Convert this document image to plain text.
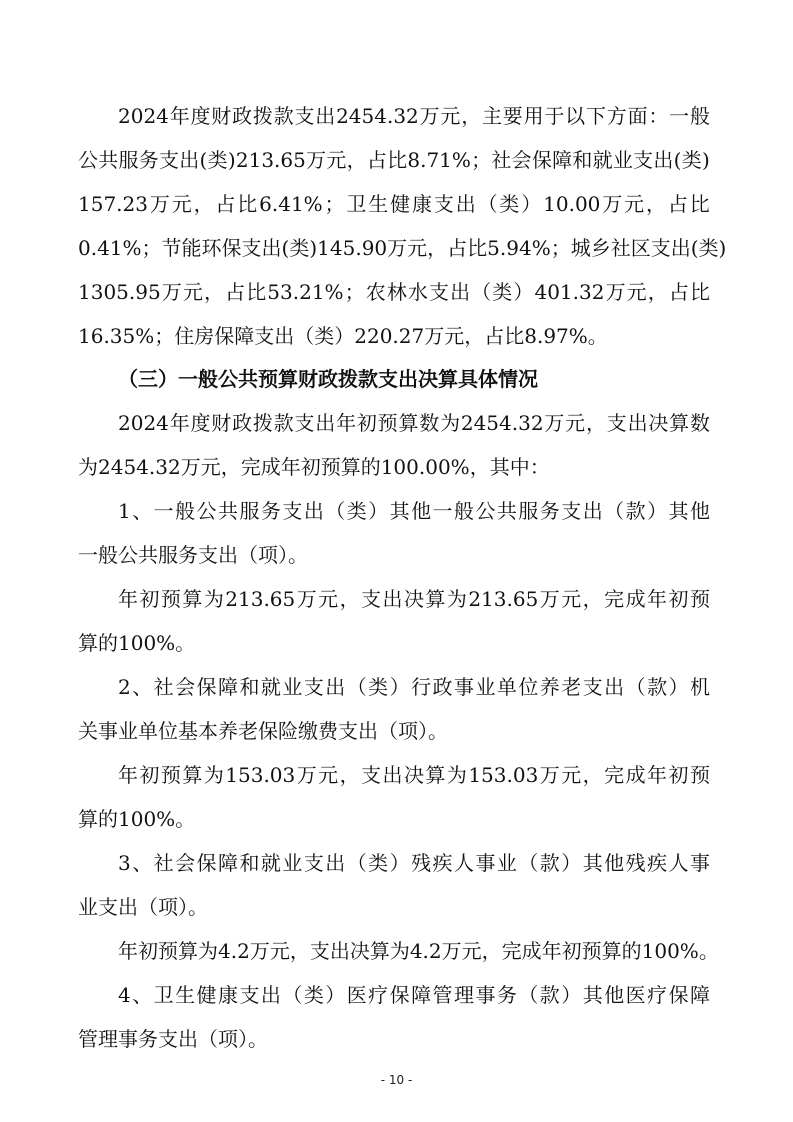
2024 年 度 财 政 拨 款 支 出 2454.32 万 元 ， 主 要 用 于 以 下 方 面 ： 一 般
公 共 服 务 支 出 ( 类 ) 213.65 万 元 ， 占 比 8.71% ； 社 会 保 障 和 就 业 支 出 ( 类 )
157.23 万 元 ， 占 比 6.41% ； 卫 生 健 康 支 出 （ 类 ） 10.00 万 元 ， 占 比
0.41% ； 节 能 环 保 支 出 ( 类 ) 145.90 万 元 ， 占 比 5.94% ； 城 乡 社 区 支 出 ( 类 )
1305.95 万 元 ， 占 比 53.21% ； 农 林 水 支 出 （ 类 ） 401.32 万 元 ， 占 比
16.35%；住房保障支出（类）220.27万元，占比8.97%。
（三）一般公共预算财政拨款支出决算具体情况
2024 年 度 财 政 拨 款 支 出 年 初 预 算 数 为 2454.32 万 元 ， 支 出 决 算 数
为2454.32万元，完成年初预算的100.00%，其中：
1 、 一 般 公 共 服 务 支 出 （ 类 ） 其 他 一 般 公 共 服 务 支 出 （ 款 ） 其 他
一般公共服务支出（项）。
年 初 预 算 为 213.65 万 元 ， 支 出 决 算 为 213.65 万 元 ， 完 成 年 初 预
算的100%。
2 、 社 会 保 障 和 就 业 支 出 （ 类 ） 行 政 事 业 单 位 养 老 支 出 （ 款 ） 机
关事业单位基本养老保险缴费支出（项）。
年 初 预 算 为 153.03 万 元 ， 支 出 决 算 为 153.03 万 元 ， 完 成 年 初 预
算的100%。
3 、 社 会 保 障 和 就 业 支 出 （ 类 ） 残 疾 人 事 业 （ 款 ） 其 他 残 疾 人 事
业支出（项）。
年 初 预 算 为 4.2 万 元 ， 支 出 决 算 为 4.2 万 元 ， 完 成 年 初 预 算 的 100% 。
4 、 卫 生 健 康 支 出 （ 类 ） 医 疗 保 障 管 理 事 务 （ 款 ） 其 他 医 疗 保 障
管理事务支出（项）。
- 10 -
